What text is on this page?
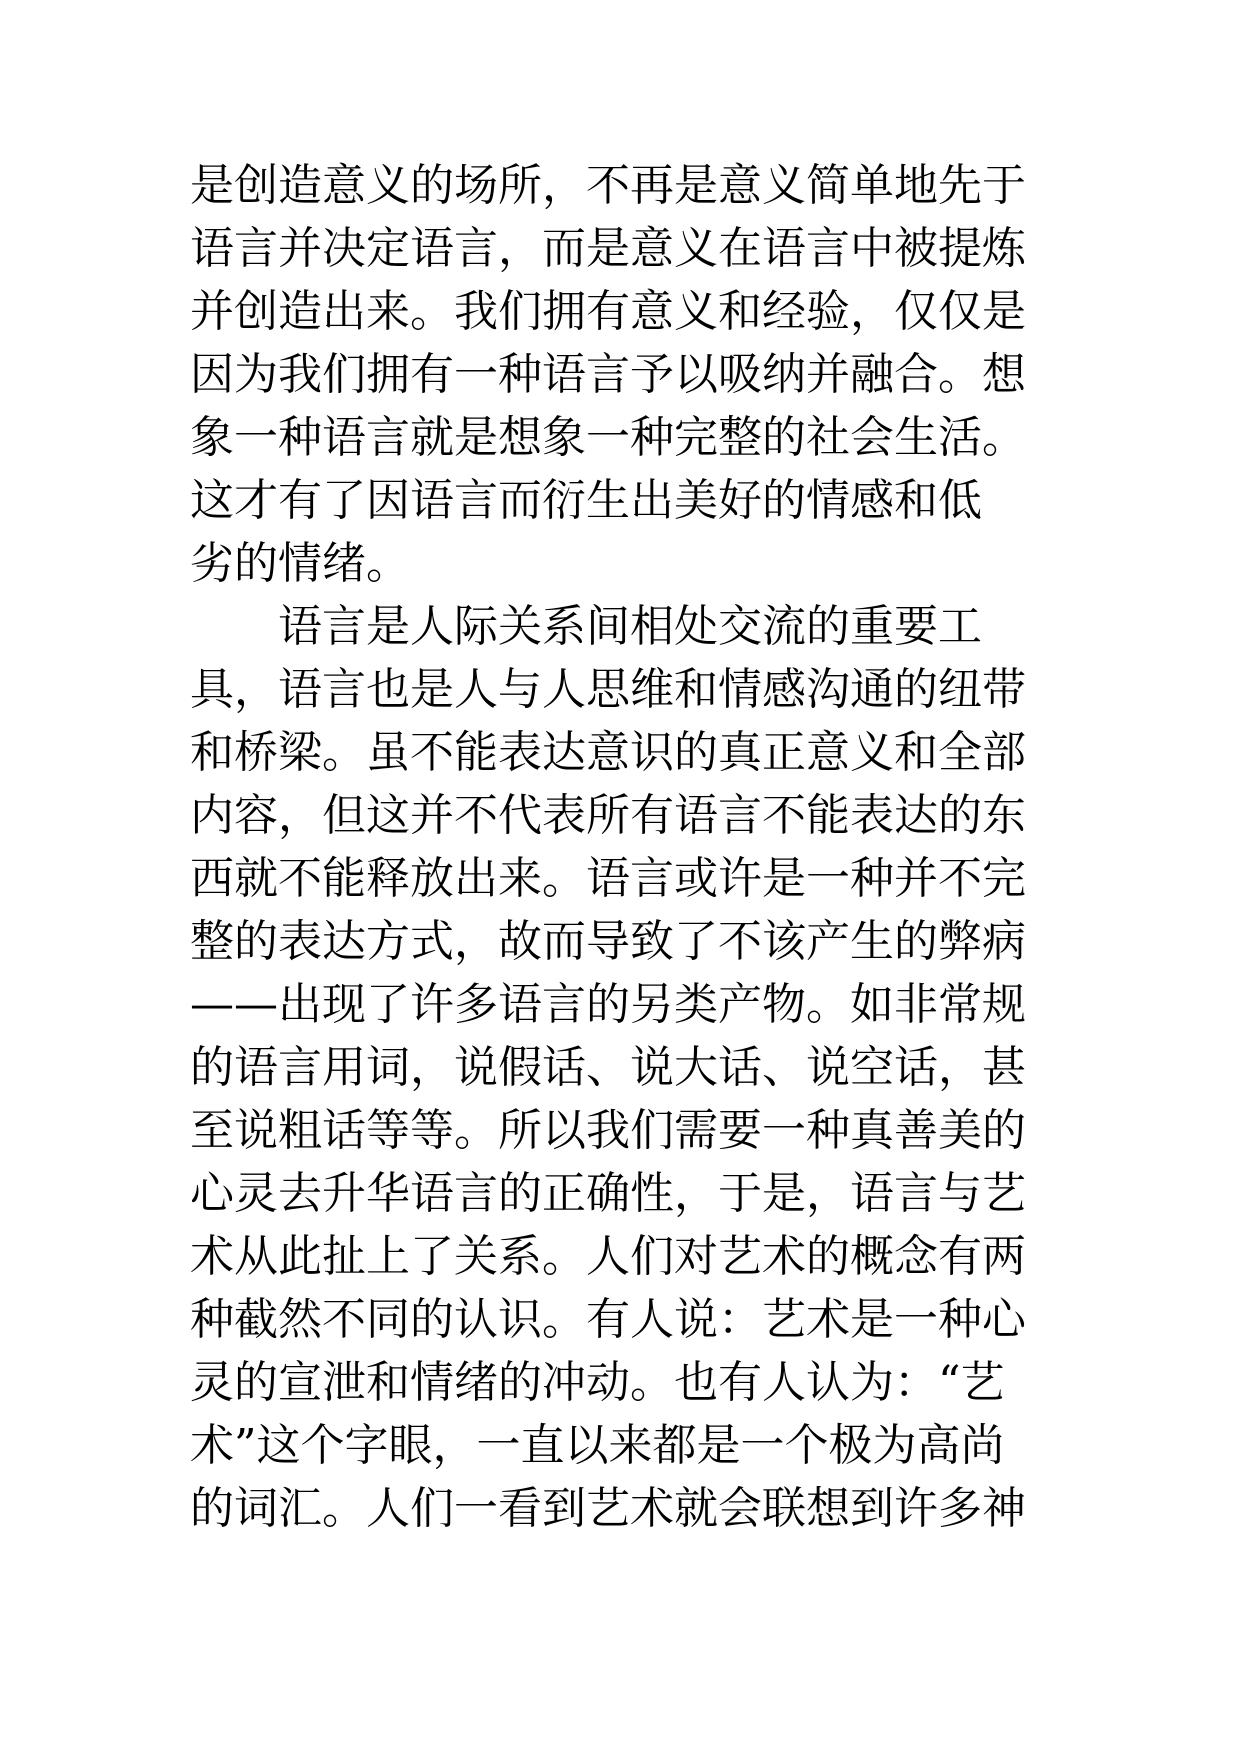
是创造意义的场所，不再是意义简单地先于
语言并决定语言，而是意义在语言中被提炼
并创造出来。我们拥有意义和经验，仅仅是
因为我们拥有一种语言予以吸纳并融合。想
象一种语言就是想象一种完整的社会生活。
这才有了因语言而衍生出美好的情感和低
劣的情绪。
语言是人际关系间相处交流的重要工
具，语言也是人与人思维和情感沟通的纽带
和桥梁。虽不能表达意识的真正意义和全部
内容，但这并不代表所有语言不能表达的东
西就不能释放出来。语言或许是一种并不完
整的表达方式，故而导致了不该产生的弊病
——出现了许多语言的另类产物。如非常规
的语言用词，说假话、说大话、说空话，甚
至说粗话等等。所以我们需要一种真善美的
心灵去升华语言的正确性，于是，语言与艺
术从此扯上了关系。人们对艺术的概念有两
种截然不同的认识。有人说：艺术是一种心
灵的宣泄和情绪的冲动。也有人认为：“艺
术”这个字眼，一直以来都是一个极为高尚
的词汇。人们一看到艺术就会联想到许多神
